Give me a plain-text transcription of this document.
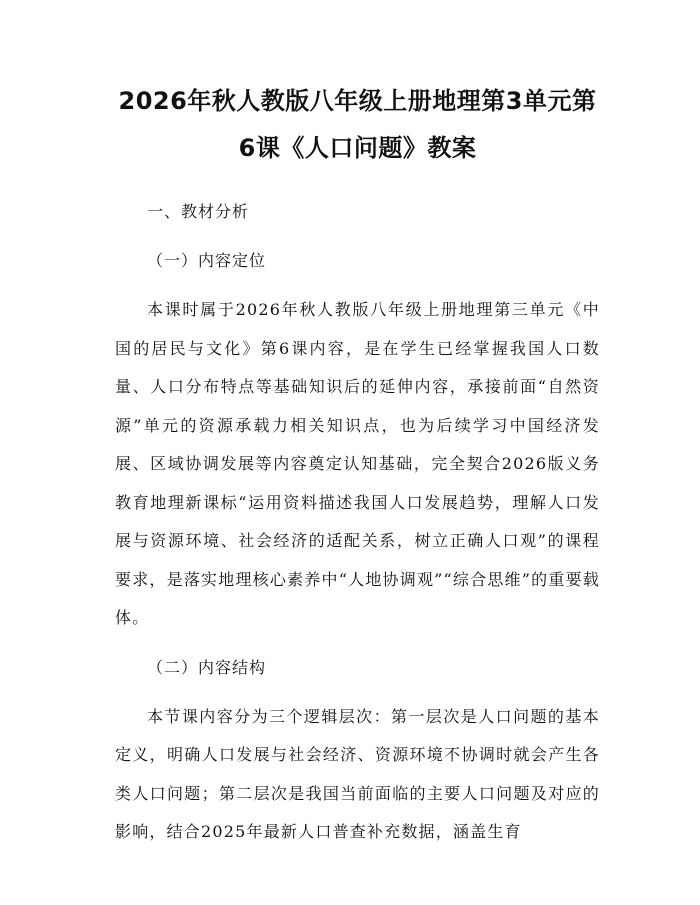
2026年秋人教版八年级上册地理第3单元第
6课《人口问题》教案

一、教材分析

（一）内容定位

本课时属于2026年秋人教版八年级上册地理第三单元《中国的居民与文化》第6课内容，是在学生已经掌握我国人口数量、人口分布特点等基础知识后的延伸内容，承接前面“自然资源”单元的资源承载力相关知识点，也为后续学习中国经济发展、区域协调发展等内容奠定认知基础，完全契合2026版义务教育地理新课标“运用资料描述我国人口发展趋势，理解人口发展与资源环境、社会经济的适配关系，树立正确人口观”的课程要求，是落实地理核心素养中“人地协调观”“综合思维”的重要载体。

（二）内容结构

本节课内容分为三个逻辑层次：第一层次是人口问题的基本定义，明确人口发展与社会经济、资源环境不协调时就会产生各类人口问题；第二层次是我国当前面临的主要人口问题及对应的影响，结合2025年最新人口普查补充数据，涵盖生育
